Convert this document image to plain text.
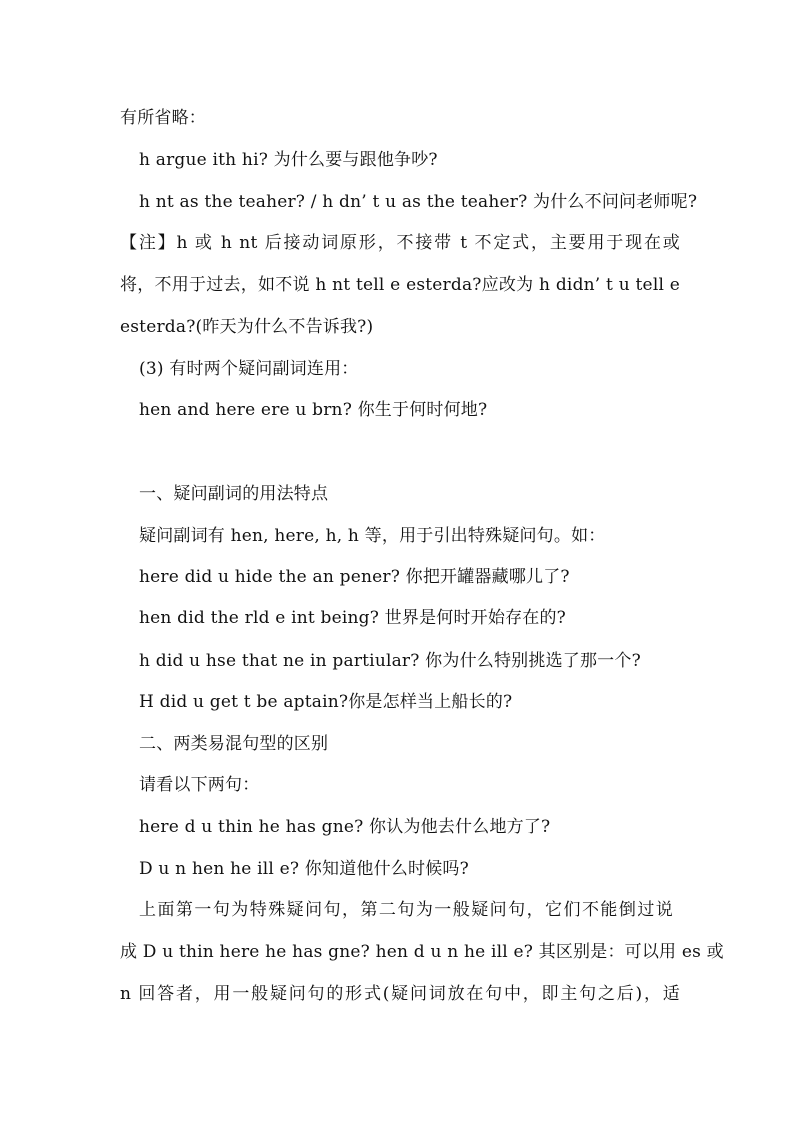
有所省略：
h argue ith hi? 为什么要与跟他争吵?
h nt as the teaher? / h dn’ t u as the teaher? 为什么不问问老师呢?
【注】h 或 h nt 后接动词原形，不接带 t 不定式，主要用于现在或
将，不用于过去，如不说 h nt tell e esterda?应改为 h didn’ t u tell e
esterda?(昨天为什么不告诉我?)
(3) 有时两个疑问副词连用：
hen and here ere u brn? 你生于何时何地?
一、疑问副词的用法特点
疑问副词有 hen, here, h, h 等，用于引出特殊疑问句。如：
here did u hide the an pener? 你把开罐器藏哪儿了?
hen did the rld e int being? 世界是何时开始存在的?
h did u hse that ne in partiular? 你为什么特别挑选了那一个?
H did u get t be aptain?你是怎样当上船长的?
二、两类易混句型的区别
请看以下两句：
here d u thin he has gne? 你认为他去什么地方了?
D u n hen he ill e? 你知道他什么时候吗?
上面第一句为特殊疑问句，第二句为一般疑问句，它们不能倒过说
成 D u thin here he has gne? hen d u n he ill e? 其区别是：可以用 es 或
n 回答者，用一般疑问句的形式(疑问词放在句中，即主句之后)，适
